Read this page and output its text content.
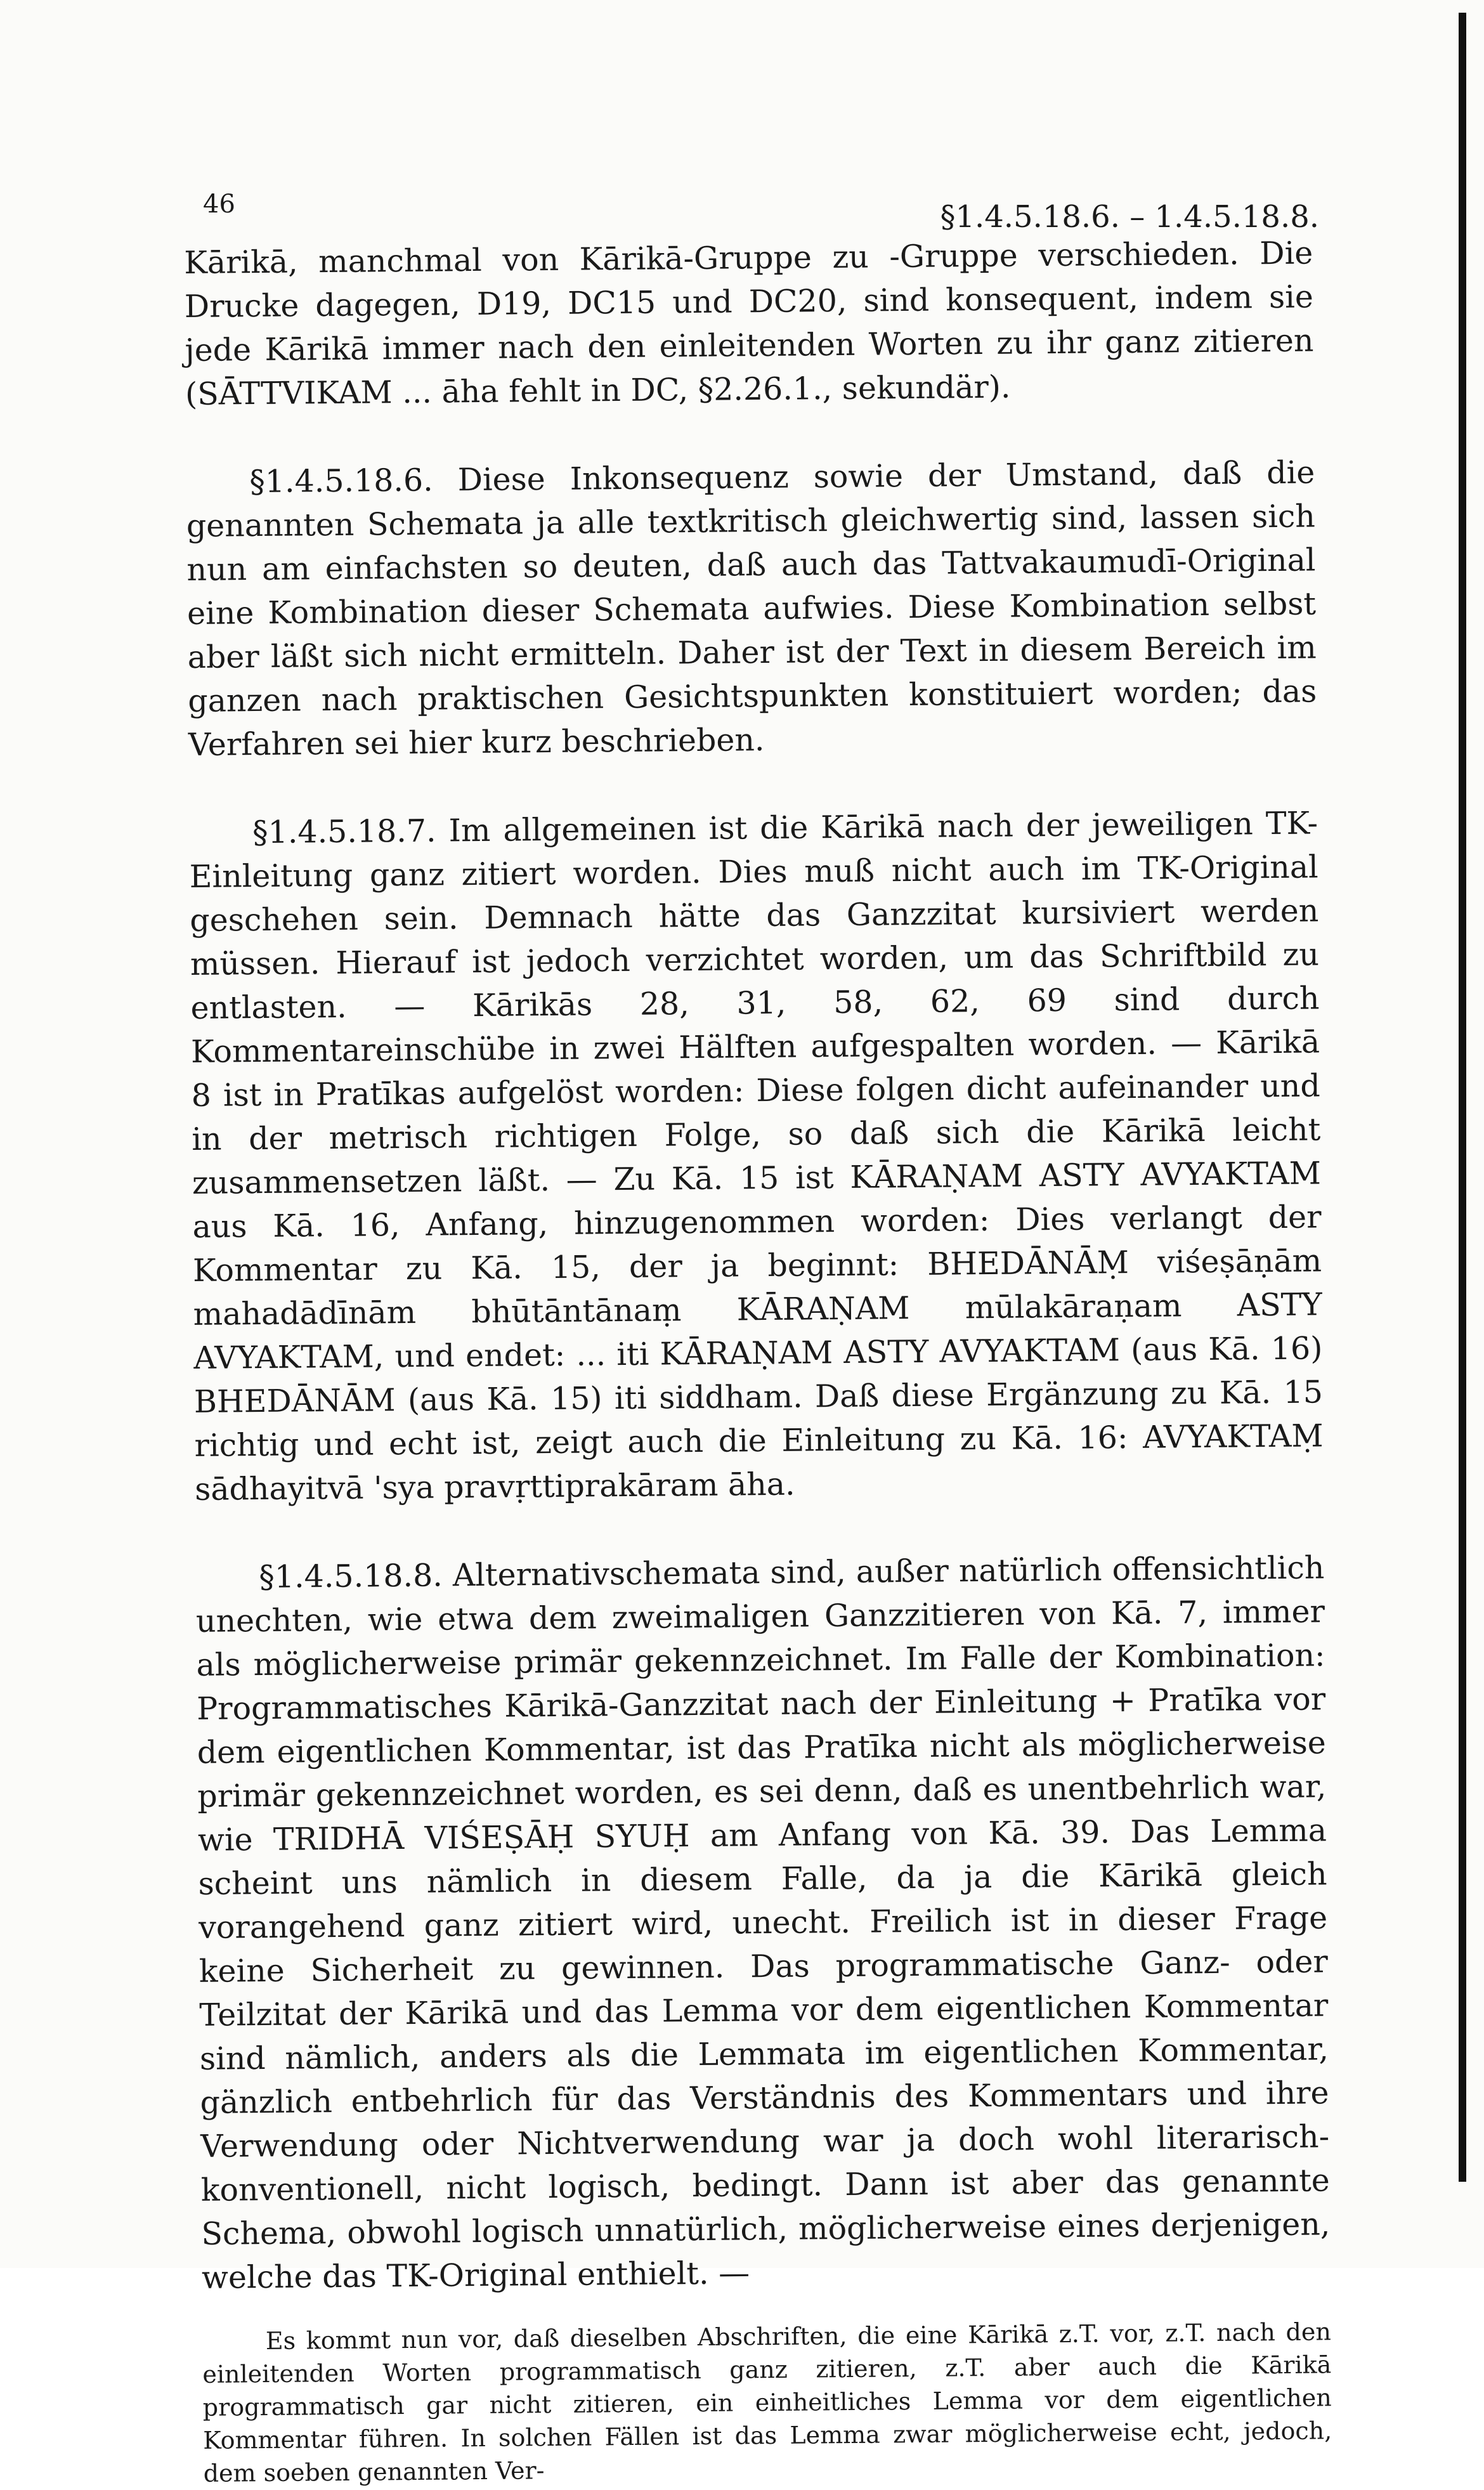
46	§1.4.5.18.6. – 1.4.5.18.8.

Kārikā, manchmal von Kārikā-Gruppe zu -Gruppe verschieden. Die Drucke dagegen, D19, DC15 und DC20, sind konsequent, indem sie jede Kārikā immer nach den einleitenden Worten zu ihr ganz zitieren (SĀTTVIKAM ... āha fehlt in DC, §2.26.1., sekundär).

§1.4.5.18.6. Diese Inkonsequenz sowie der Umstand, daß die genannten Schemata ja alle textkritisch gleichwertig sind, lassen sich nun am einfachsten so deuten, daß auch das Tattvakaumudī-Original eine Kombination dieser Schemata aufwies. Diese Kombination selbst aber läßt sich nicht ermitteln. Daher ist der Text in diesem Bereich im ganzen nach praktischen Gesichtspunkten konstituiert worden; das Verfahren sei hier kurz beschrieben.

§1.4.5.18.7. Im allgemeinen ist die Kārikā nach der jeweiligen TK-Einleitung ganz zitiert worden. Dies muß nicht auch im TK-Original geschehen sein. Demnach hätte das Ganzzitat kursiviert werden müssen. Hierauf ist jedoch verzichtet worden, um das Schriftbild zu entlasten. — Kārikās 28, 31, 58, 62, 69 sind durch Kommentareinschübe in zwei Hälften aufgespalten worden. — Kārikā 8 ist in Pratīkas aufgelöst worden: Diese folgen dicht aufeinander und in der metrisch richtigen Folge, so daß sich die Kārikā leicht zusammensetzen läßt. — Zu Kā. 15 ist KĀRAṆAM ASTY AVYAKTAM aus Kā. 16, Anfang, hinzugenommen worden: Dies verlangt der Kommentar zu Kā. 15, der ja beginnt: BHEDĀNĀṂ viśeṣāṇām mahadādīnām bhūtāntānaṃ KĀRAṆAM mūlakāraṇam ASTY AVYAKTAM, und endet: ... iti KĀRAṆAM ASTY AVYAKTAM (aus Kā. 16) BHEDĀNĀM (aus Kā. 15) iti siddham. Daß diese Ergänzung zu Kā. 15 richtig und echt ist, zeigt auch die Einleitung zu Kā. 16: AVYAKTAṂ sādhayitvā 'sya pravṛttiprakāram āha.

§1.4.5.18.8. Alternativschemata sind, außer natürlich offensichtlich unechten, wie etwa dem zweimaligen Ganzzitieren von Kā. 7, immer als möglicherweise primär gekennzeichnet. Im Falle der Kombination: Programmatisches Kārikā-Ganzzitat nach der Einleitung + Pratīka vor dem eigentlichen Kommentar, ist das Pratīka nicht als möglicherweise primär gekennzeichnet worden, es sei denn, daß es unentbehrlich war, wie TRIDHĀ VIŚEṢĀḤ SYUḤ am Anfang von Kā. 39. Das Lemma scheint uns nämlich in diesem Falle, da ja die Kārikā gleich vorangehend ganz zitiert wird, unecht. Freilich ist in dieser Frage keine Sicherheit zu gewinnen. Das programmatische Ganz- oder Teilzitat der Kārikā und das Lemma vor dem eigentlichen Kommentar sind nämlich, anders als die Lemmata im eigentlichen Kommentar, gänzlich entbehrlich für das Verständnis des Kommentars und ihre Verwendung oder Nichtverwendung war ja doch wohl literarisch-konventionell, nicht logisch, bedingt. Dann ist aber das genannte Schema, obwohl logisch unnatürlich, möglicherweise eines derjenigen, welche das TK-Original enthielt. —

Es kommt nun vor, daß dieselben Abschriften, die eine Kārikā z.T. vor, z.T. nach den einleitenden Worten programmatisch ganz zitieren, z.T. aber auch die Kārikā programmatisch gar nicht zitieren, ein einheitliches Lemma vor dem eigentlichen Kommentar führen. In solchen Fällen ist das Lemma zwar möglicherweise echt, jedoch, dem soeben genannten Ver-
